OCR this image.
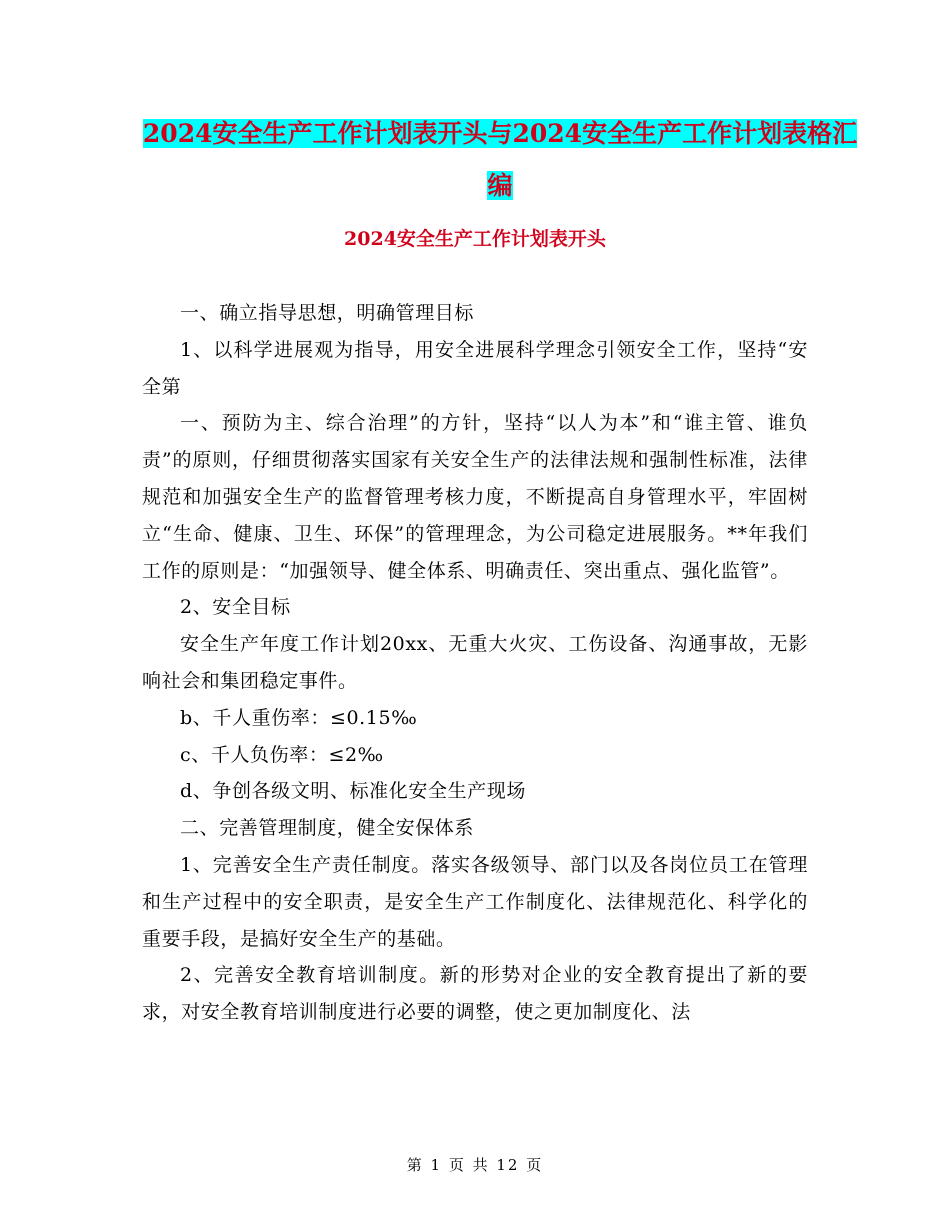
2024安全生产工作计划表开头与2024安全生产工作计划表格汇编
2024安全生产工作计划表开头

一、确立指导思想，明确管理目标

1、以科学进展观为指导，用安全进展科学理念引领安全工作，坚持“安全第

一、预防为主、综合治理”的方针，坚持“以人为本”和“谁主管、谁负责”的原则，仔细贯彻落实国家有关安全生产的法律法规和强制性标准，法律规范和加强安全生产的监督管理考核力度，不断提高自身管理水平，牢固树立“生命、健康、卫生、环保”的管理理念，为公司稳定进展服务。**年我们工作的原则是：“加强领导、健全体系、明确责任、突出重点、强化监管”。

2、安全目标

安全生产年度工作计划20xx、无重大火灾、工伤设备、沟通事故，无影响社会和集团稳定事件。

b、千人重伤率：≤0.15‰

c、千人负伤率：≤2‰

d、争创各级文明、标准化安全生产现场

二、完善管理制度，健全安保体系

1、完善安全生产责任制度。落实各级领导、部门以及各岗位员工在管理和生产过程中的安全职责，是安全生产工作制度化、法律规范化、科学化的重要手段，是搞好安全生产的基础。

2、完善安全教育培训制度。新的形势对企业的安全教育提出了新的要求，对安全教育培训制度进行必要的调整，使之更加制度化、法

第 1 页 共 12 页
